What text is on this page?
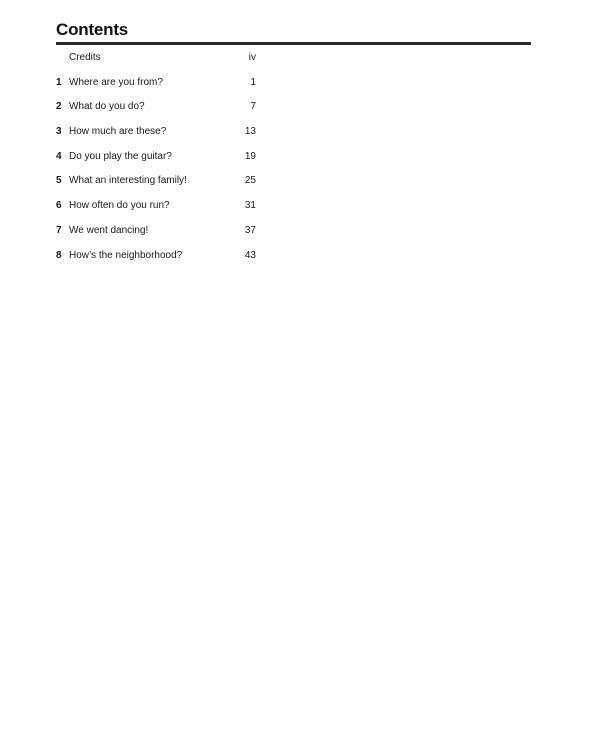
Contents
Credits	iv
1 Where are you from?	1
2 What do you do?	7
3 How much are these?	13
4 Do you play the guitar?	19
5 What an interesting family!	25
6 How often do you run?	31
7 We went dancing!	37
8 How’s the neighborhood?	43
